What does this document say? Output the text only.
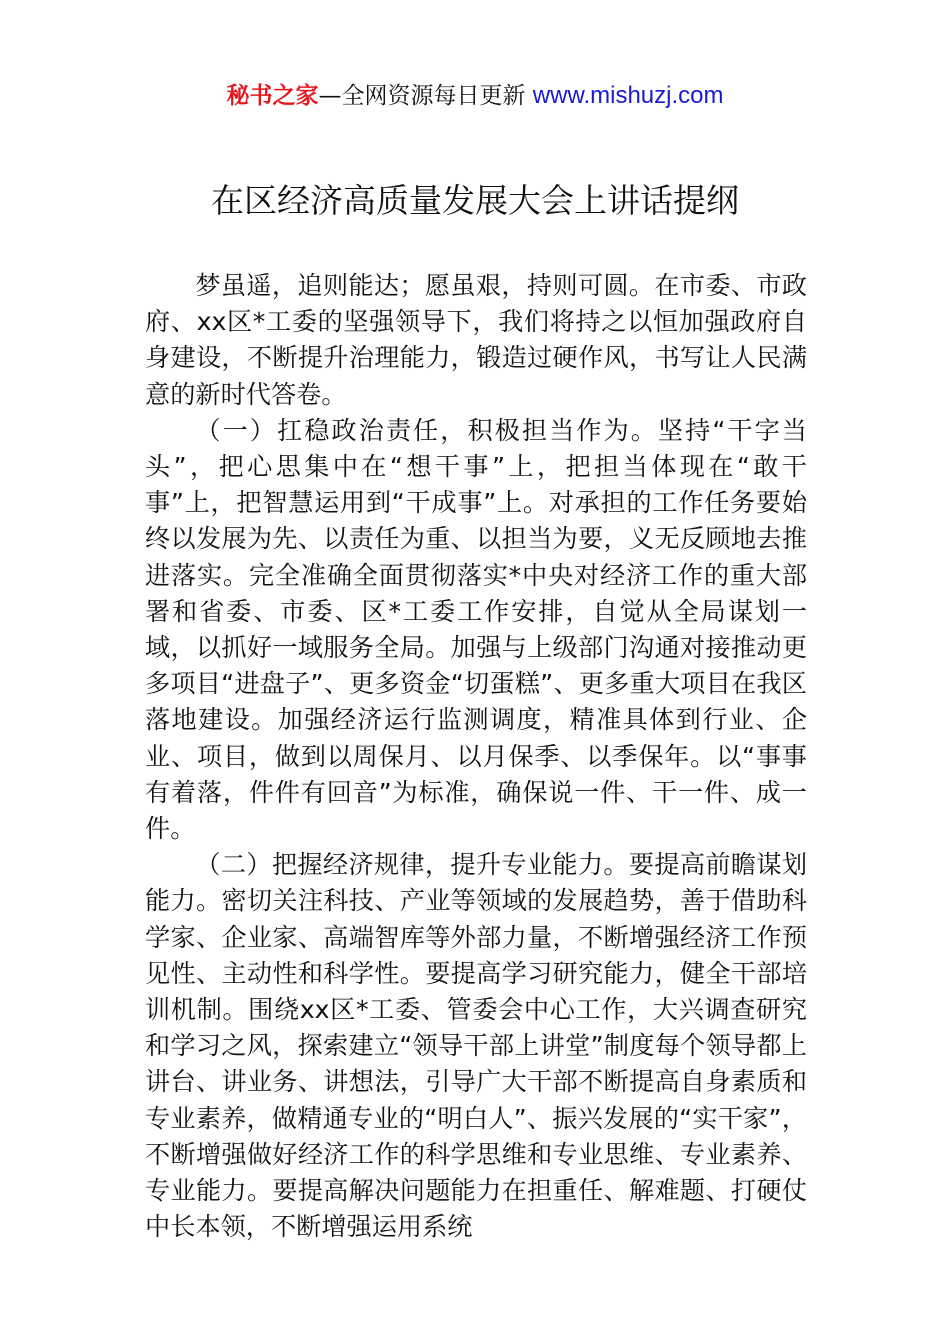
秘书之家—全网资源每日更新 www.mishuzj.com
在区经济高质量发展大会上讲话提纲

梦虽遥，追则能达；愿虽艰，持则可圆。在市委、市政府、xx区*工委的坚强领导下，我们将持之以恒加强政府自身建设，不断提升治理能力，锻造过硬作风，书写让人民满意的新时代答卷。

（一）扛稳政治责任，积极担当作为。坚持“干字当头”，把心思集中在“想干事”上，把担当体现在“敢干事”上，把智慧运用到“干成事”上。对承担的工作任务要始终以发展为先、以责任为重、以担当为要，义无反顾地去推进落实。完全准确全面贯彻落实*中央对经济工作的重大部署和省委、市委、区*工委工作安排，自觉从全局谋划一域，以抓好一域服务全局。加强与上级部门沟通对接推动更多项目“进盘子”、更多资金“切蛋糕”、更多重大项目在我区落地建设。加强经济运行监测调度，精准具体到行业、企业、项目，做到以周保月、以月保季、以季保年。以“事事有着落，件件有回音”为标准，确保说一件、干一件、成一件。

（二）把握经济规律，提升专业能力。要提高前瞻谋划能力。密切关注科技、产业等领域的发展趋势，善于借助科学家、企业家、高端智库等外部力量，不断增强经济工作预见性、主动性和科学性。要提高学习研究能力，健全干部培训机制。围绕xx区*工委、管委会中心工作，大兴调查研究和学习之风，探索建立“领导干部上讲堂”制度每个领导都上讲台、讲业务、讲想法，引导广大干部不断提高自身素质和专业素养，做精通专业的“明白人”、振兴发展的“实干家”，不断增强做好经济工作的科学思维和专业思维、专业素养、专业能力。要提高解决问题能力在担重任、解难题、打硬仗中长本领，不断增强运用系统
